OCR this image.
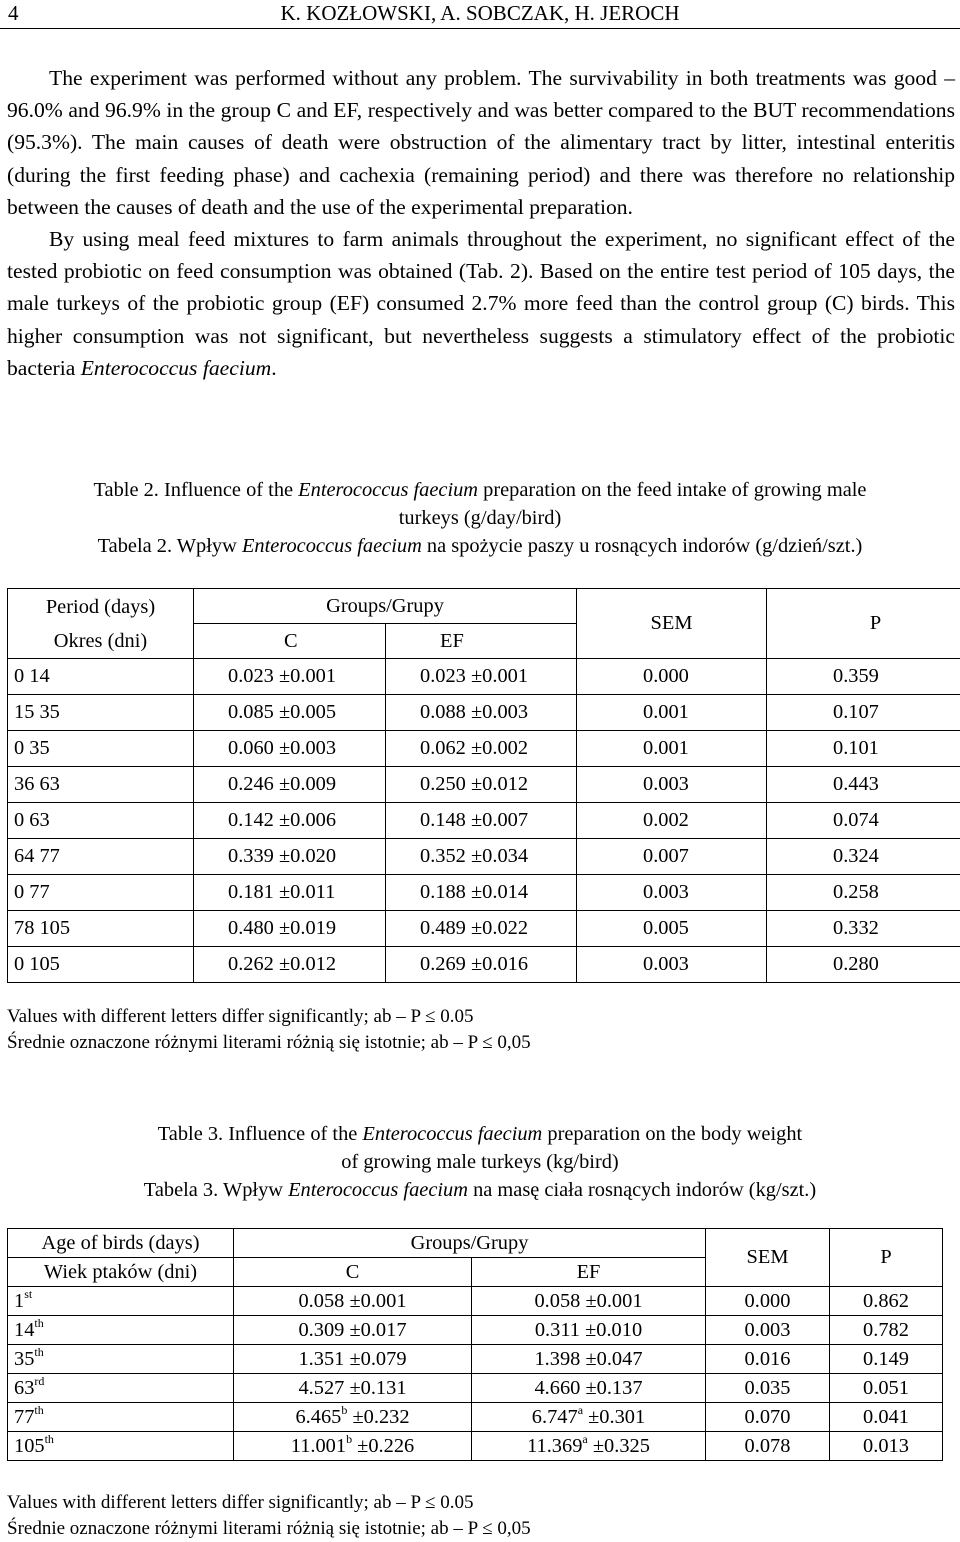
4	K. KOZŁOWSKI, A. SOBCZAK, H. JEROCH

The experiment was performed without any problem. The survivability in both treatments was good – 96.0% and 96.9% in the group C and EF, respectively and was better compared to the BUT recommendations (95.3%). The main causes of death were obstruction of the alimentary tract by litter, intestinal enteritis (during the first feeding phase) and cachexia (remaining period) and there was therefore no relationship between the causes of death and the use of the experimental preparation.

By using meal feed mixtures to farm animals throughout the experiment, no significant effect of the tested probiotic on feed consumption was obtained (Tab. 2). Based on the entire test period of 105 days, the male turkeys of the probiotic group (EF) consumed 2.7% more feed than the control group (C) birds. This higher consumption was not significant, but nevertheless suggests a stimulatory effect of the probiotic bacteria Enterococcus faecium.

Table 2. Influence of the Enterococcus faecium preparation on the feed intake of growing male
turkeys (g/day/bird)
Tabela 2. Wpływ Enterococcus faecium na spożycie paszy u rosnących indorów (g/dzień/szt.)
Period (days)
Okres (dni)	Groups/Grupy		SEM	P
	C	EF		
0 14	0.023 ±0.001	0.023 ±0.001	0.000	0.359
15 35	0.085 ±0.005	0.088 ±0.003	0.001	0.107
0 35	0.060 ±0.003	0.062 ±0.002	0.001	0.101
36 63	0.246 ±0.009	0.250 ±0.012	0.003	0.443
0 63	0.142 ±0.006	0.148 ±0.007	0.002	0.074
64 77	0.339 ±0.020	0.352 ±0.034	0.007	0.324
0 77	0.181 ±0.011	0.188 ±0.014	0.003	0.258
78 105	0.480 ±0.019	0.489 ±0.022	0.005	0.332
0 105	0.262 ±0.012	0.269 ±0.016	0.003	0.280
Values with different letters differ significantly; ab – P ≤ 0.05
Średnie oznaczone różnymi literami różnią się istotnie; ab – P ≤ 0,05
Table 3. Influence of the Enterococcus faecium preparation on the body weight
of growing male turkeys (kg/bird)
Tabela 3. Wpływ Enterococcus faecium na masę ciała rosnących indorów (kg/szt.)
Age of birds (days)	Groups/Grupy		SEM	P
Wiek ptaków (dni)	C	EF		
1st	0.058 ±0.001	0.058 ±0.001	0.000	0.862
14th	0.309 ±0.017	0.311 ±0.010	0.003	0.782
35th	1.351 ±0.079	1.398 ±0.047	0.016	0.149
63rd	4.527 ±0.131	4.660 ±0.137	0.035	0.051
77th	6.465$^b$ ±0.232	6.747$^a$ ±0.301	0.070	0.041
105th	11.001$^b$ ±0.226	11.369$^a$ ±0.325	0.078	0.013
Values with different letters differ significantly; ab – P ≤ 0.05
Średnie oznaczone różnymi literami różnią się istotnie; ab – P ≤ 0,05
